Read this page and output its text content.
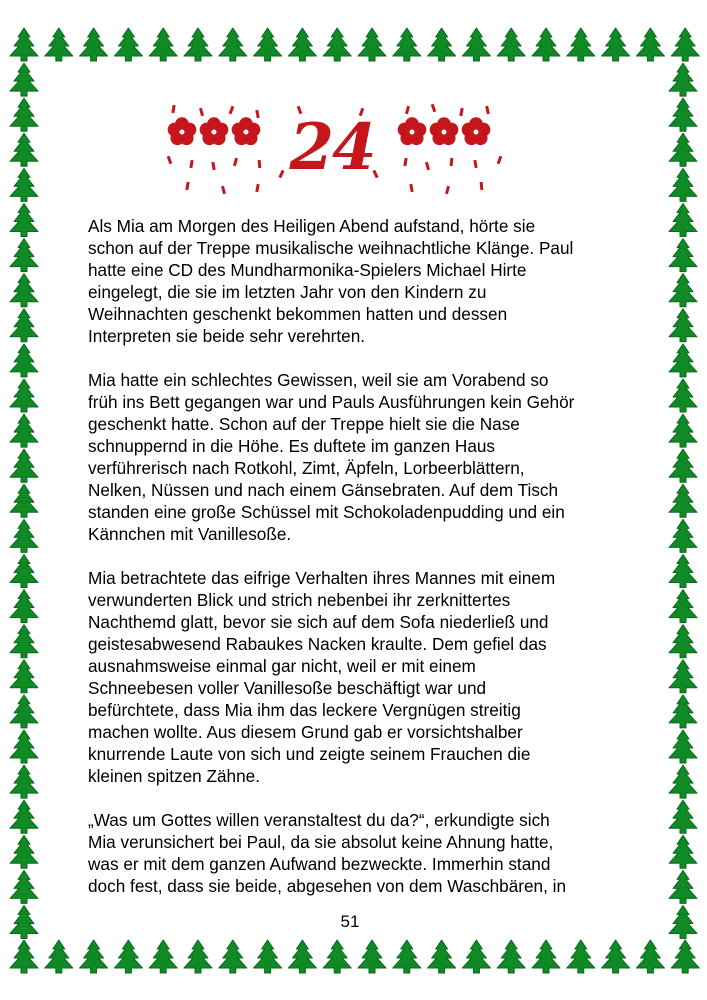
24

Als Mia am Morgen des Heiligen Abend aufstand, hörte sie
schon auf der Treppe musikalische weihnachtliche Klänge. Paul
hatte eine CD des Mundharmonika-Spielers Michael Hirte
eingelegt, die sie im letzten Jahr von den Kindern zu
Weihnachten geschenkt bekommen hatten und dessen
Interpreten sie beide sehr verehrten.

Mia hatte ein schlechtes Gewissen, weil sie am Vorabend so
früh ins Bett gegangen war und Pauls Ausführungen kein Gehör
geschenkt hatte. Schon auf der Treppe hielt sie die Nase
schnuppernd in die Höhe. Es duftete im ganzen Haus
verführerisch nach Rotkohl, Zimt, Äpfeln, Lorbeerblättern,
Nelken, Nüssen und nach einem Gänsebraten. Auf dem Tisch
standen eine große Schüssel mit Schokoladenpudding und ein
Kännchen mit Vanillesoße.

Mia betrachtete das eifrige Verhalten ihres Mannes mit einem
verwunderten Blick und strich nebenbei ihr zerknittertes
Nachthemd glatt, bevor sie sich auf dem Sofa niederließ und
geistesabwesend Rabaukes Nacken kraulte. Dem gefiel das
ausnahmsweise einmal gar nicht, weil er mit einem
Schneebesen voller Vanillesoße beschäftigt war und
befürchtete, dass Mia ihm das leckere Vergnügen streitig
machen wollte. Aus diesem Grund gab er vorsichtshalber
knurrende Laute von sich und zeigte seinem Frauchen die
kleinen spitzen Zähne.

„Was um Gottes willen veranstaltest du da?“, erkundigte sich
Mia verunsichert bei Paul, da sie absolut keine Ahnung hatte,
was er mit dem ganzen Aufwand bezweckte. Immerhin stand
doch fest, dass sie beide, abgesehen von dem Waschbären, in

51
